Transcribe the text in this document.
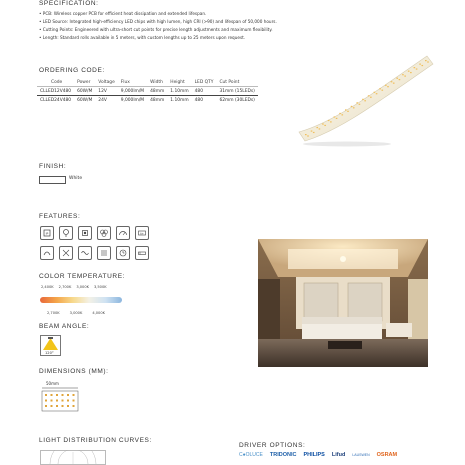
SPECIFICATION:
• PCB: Wireless copper PCB for efficient heat dissipation and extended lifespan.
• LED Source: Integrated high-efficiency LED chips with high lumen, high CRI (>90) and lifespan of 50,000 hours.
• Cutting Points: Engineered with ultra-short cut points for precise length adjustments and maximum flexibility.
• Length: Standard rolls available in 5 meters, with custom lengths up to 25 meters upon request.
ORDERING CODE:
Code	Power	Voltage	Flux	Width	Height	LED QTY	Cut Point
CLLED12V480	60W/M	12V	9,000lm/M	48mm	1.10mm	480	31mm (15LEDs)
CLLED24V480	60W/M	24V	9,000lm/M	48mm	1.10mm	480	62mm (30LEDs)
FINISH:
White
FEATURES:
IP	A+
COLOR TEMPERATURE:
2,400K 2,700K 3,000K 3,500K
2,700K	3,000K	4,000K
BEAM ANGLE:
120°
DIMENSIONS (MM):
50mm
LIGHT DISTRIBUTION CURVES:
DRIVER OPTIONS:
C●OLUCE TRIDONIC PHILIPS Lifud LAUSWEN OSRAM
